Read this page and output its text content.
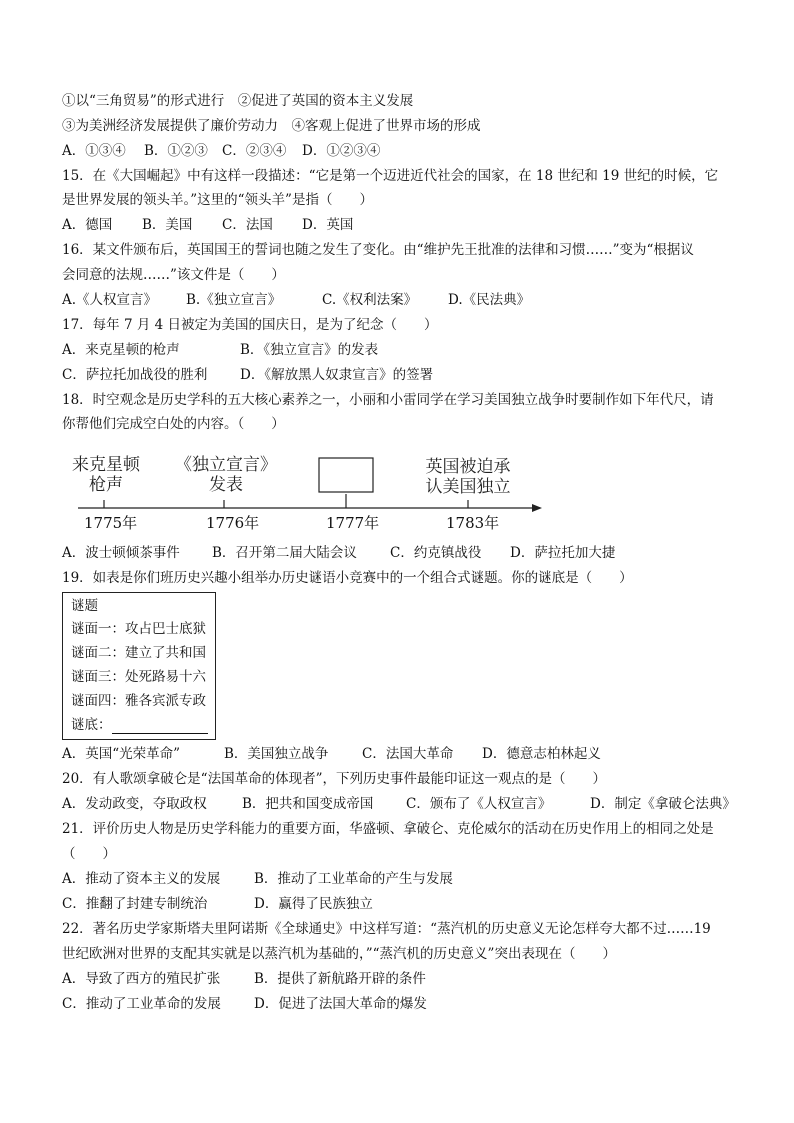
①以“三角贸易”的形式进行　②促进了英国的资本主义发展
③为美洲经济发展提供了廉价劳动力　④客观上促进了世界市场的形成
A．①③④ B．①②③ C．②③④ D．①②③④
15．在《大国崛起》中有这样一段描述：“它是第一个迈进近代社会的国家，在 18 世纪和 19 世纪的时候，它
是世界发展的领头羊。”这里的“领头羊”是指（　　）
A．德国 B．美国 C．法国 D．英国
16．某文件颁布后，英国国王的誓词也随之发生了变化。由“维护先王批准的法律和习惯……”变为“根据议
会同意的法规……”该文件是（　　）
A.《人权宣言》 B.《独立宣言》	C.《权利法案》 D.《民法典》
17．每年 7 月 4 日被定为美国的国庆日，是为了纪念（　　）
A．来克星顿的枪声	B．《独立宣言》的发表
C．萨拉托加战役的胜利 D．《解放黑人奴隶宣言》的签署
18．时空观念是历史学科的五大核心素养之一，小丽和小雷同学在学习美国独立战争时要制作如下年代尺，请
你帮他们完成空白处的内容。（　　）
来克星顿
枪声
《独立宣言》
发表
英国被迫承
认美国独立
1775年	1776年	1777年	1783年
A．波士顿倾茶事件 B．召开第二届大陆会议 C．约克镇战役 D．萨拉托加大捷
19．如表是你们班历史兴趣小组举办历史谜语小竞赛中的一个组合式谜题。你的谜底是（　　）
谜题
谜面一：攻占巴士底狱
谜面二：建立了共和国
谜面三：处死路易十六
谜面四：雅各宾派专政
谜底：
A．英国“光荣革命”	B．美国独立战争 C．法国大革命 D．德意志柏林起义
20．有人歌颂拿破仑是“法国革命的体现者”，下列历史事件最能印证这一观点的是（　　）
A．发动政变，夺取政权	B．把共和国变成帝国 C．颁布了《人权宣言》	D．制定《拿破仑法典》
21．评价历史人物是历史学科能力的重要方面，华盛顿、拿破仑、克伦威尔的活动在历史作用上的相同之处是
（　　）
A．推动了资本主义的发展	B．推动了工业革命的产生与发展
C．推翻了封建专制统治	D．赢得了民族独立
22．著名历史学家斯塔夫里阿诺斯《全球通史》中这样写道：“蒸汽机的历史意义无论怎样夸大都不过……19
世纪欧洲对世界的支配其实就是以蒸汽机为基础的，”“蒸汽机的历史意义”突出表现在（　　）
A．导致了西方的殖民扩张	B．提供了新航路开辟的条件
C．推动了工业革命的发展 D．促进了法国大革命的爆发
